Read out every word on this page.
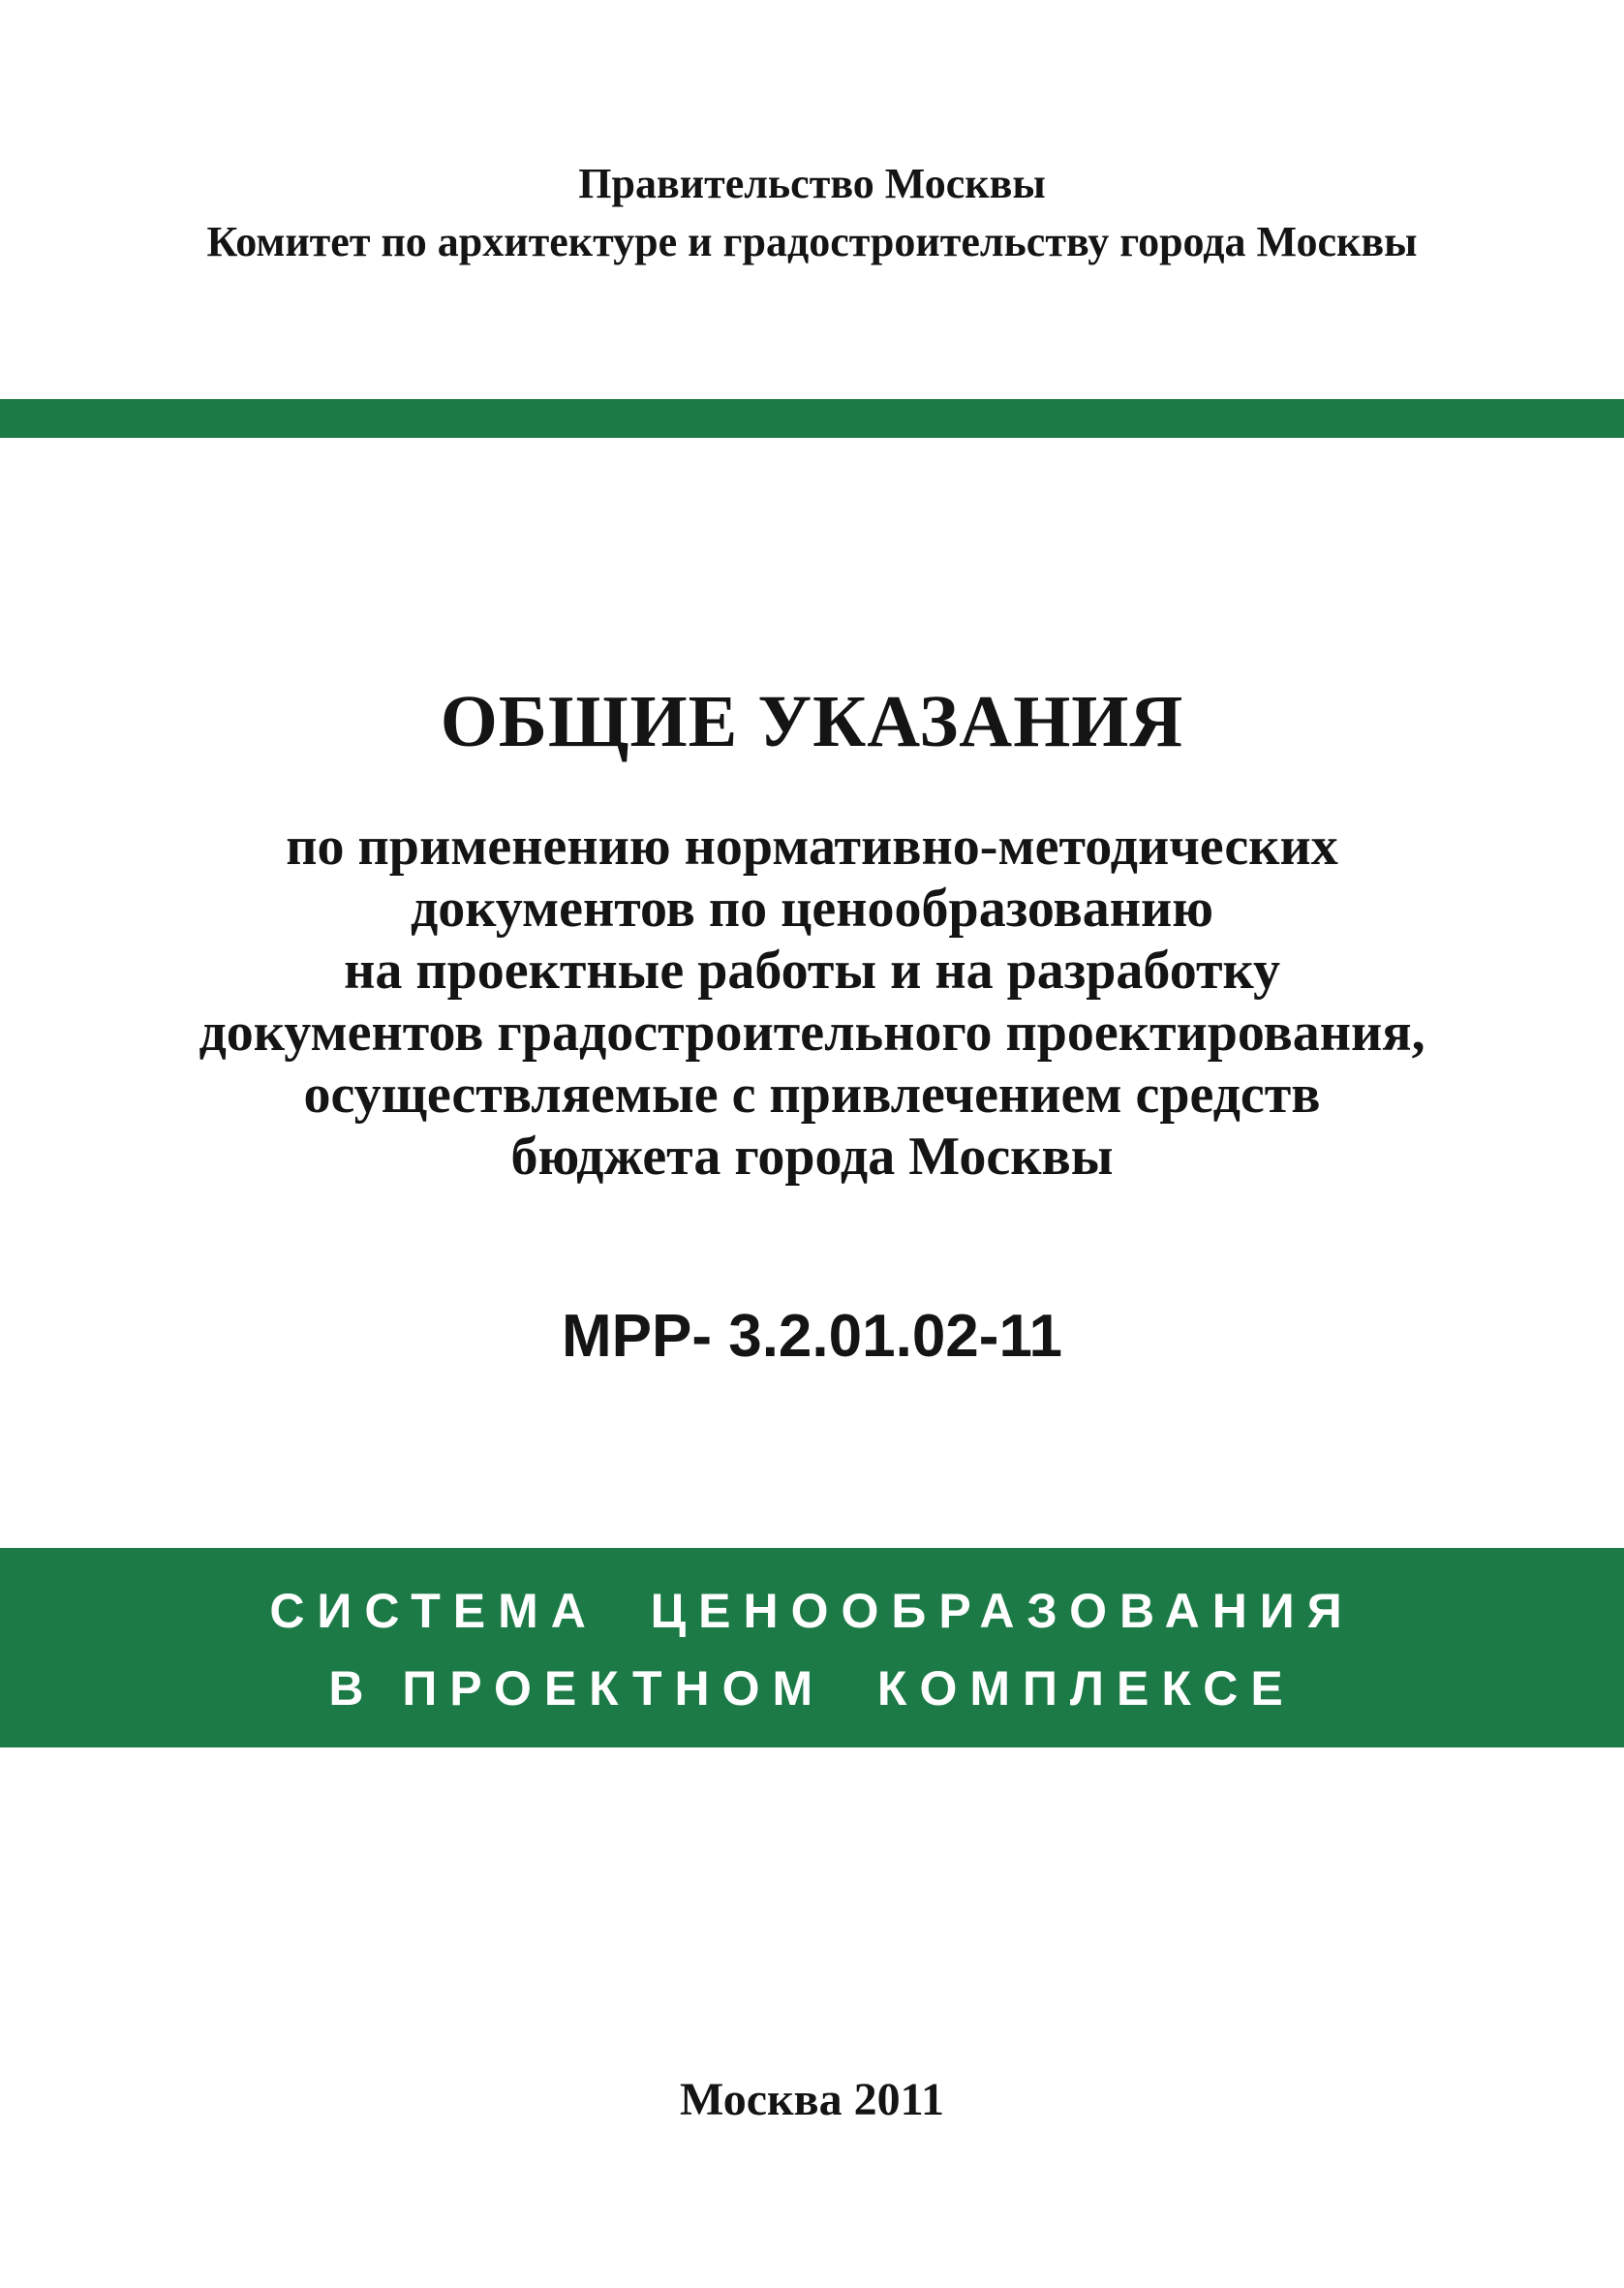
Правительство Москвы
Комитет по архитектуре и градостроительству города Москвы
ОБЩИЕ УКАЗАНИЯ
по применению нормативно-методических
документов по ценообразованию
на проектные работы и на разработку
документов градостроительного проектирования,
осуществляемые с привлечением средств
бюджета города Москвы
МРР- 3.2.01.02-11
СИСТЕМА  ЦЕНООБРАЗОВАНИЯ
В ПРОЕКТНОМ  КОМПЛЕКСЕ
Москва 2011
